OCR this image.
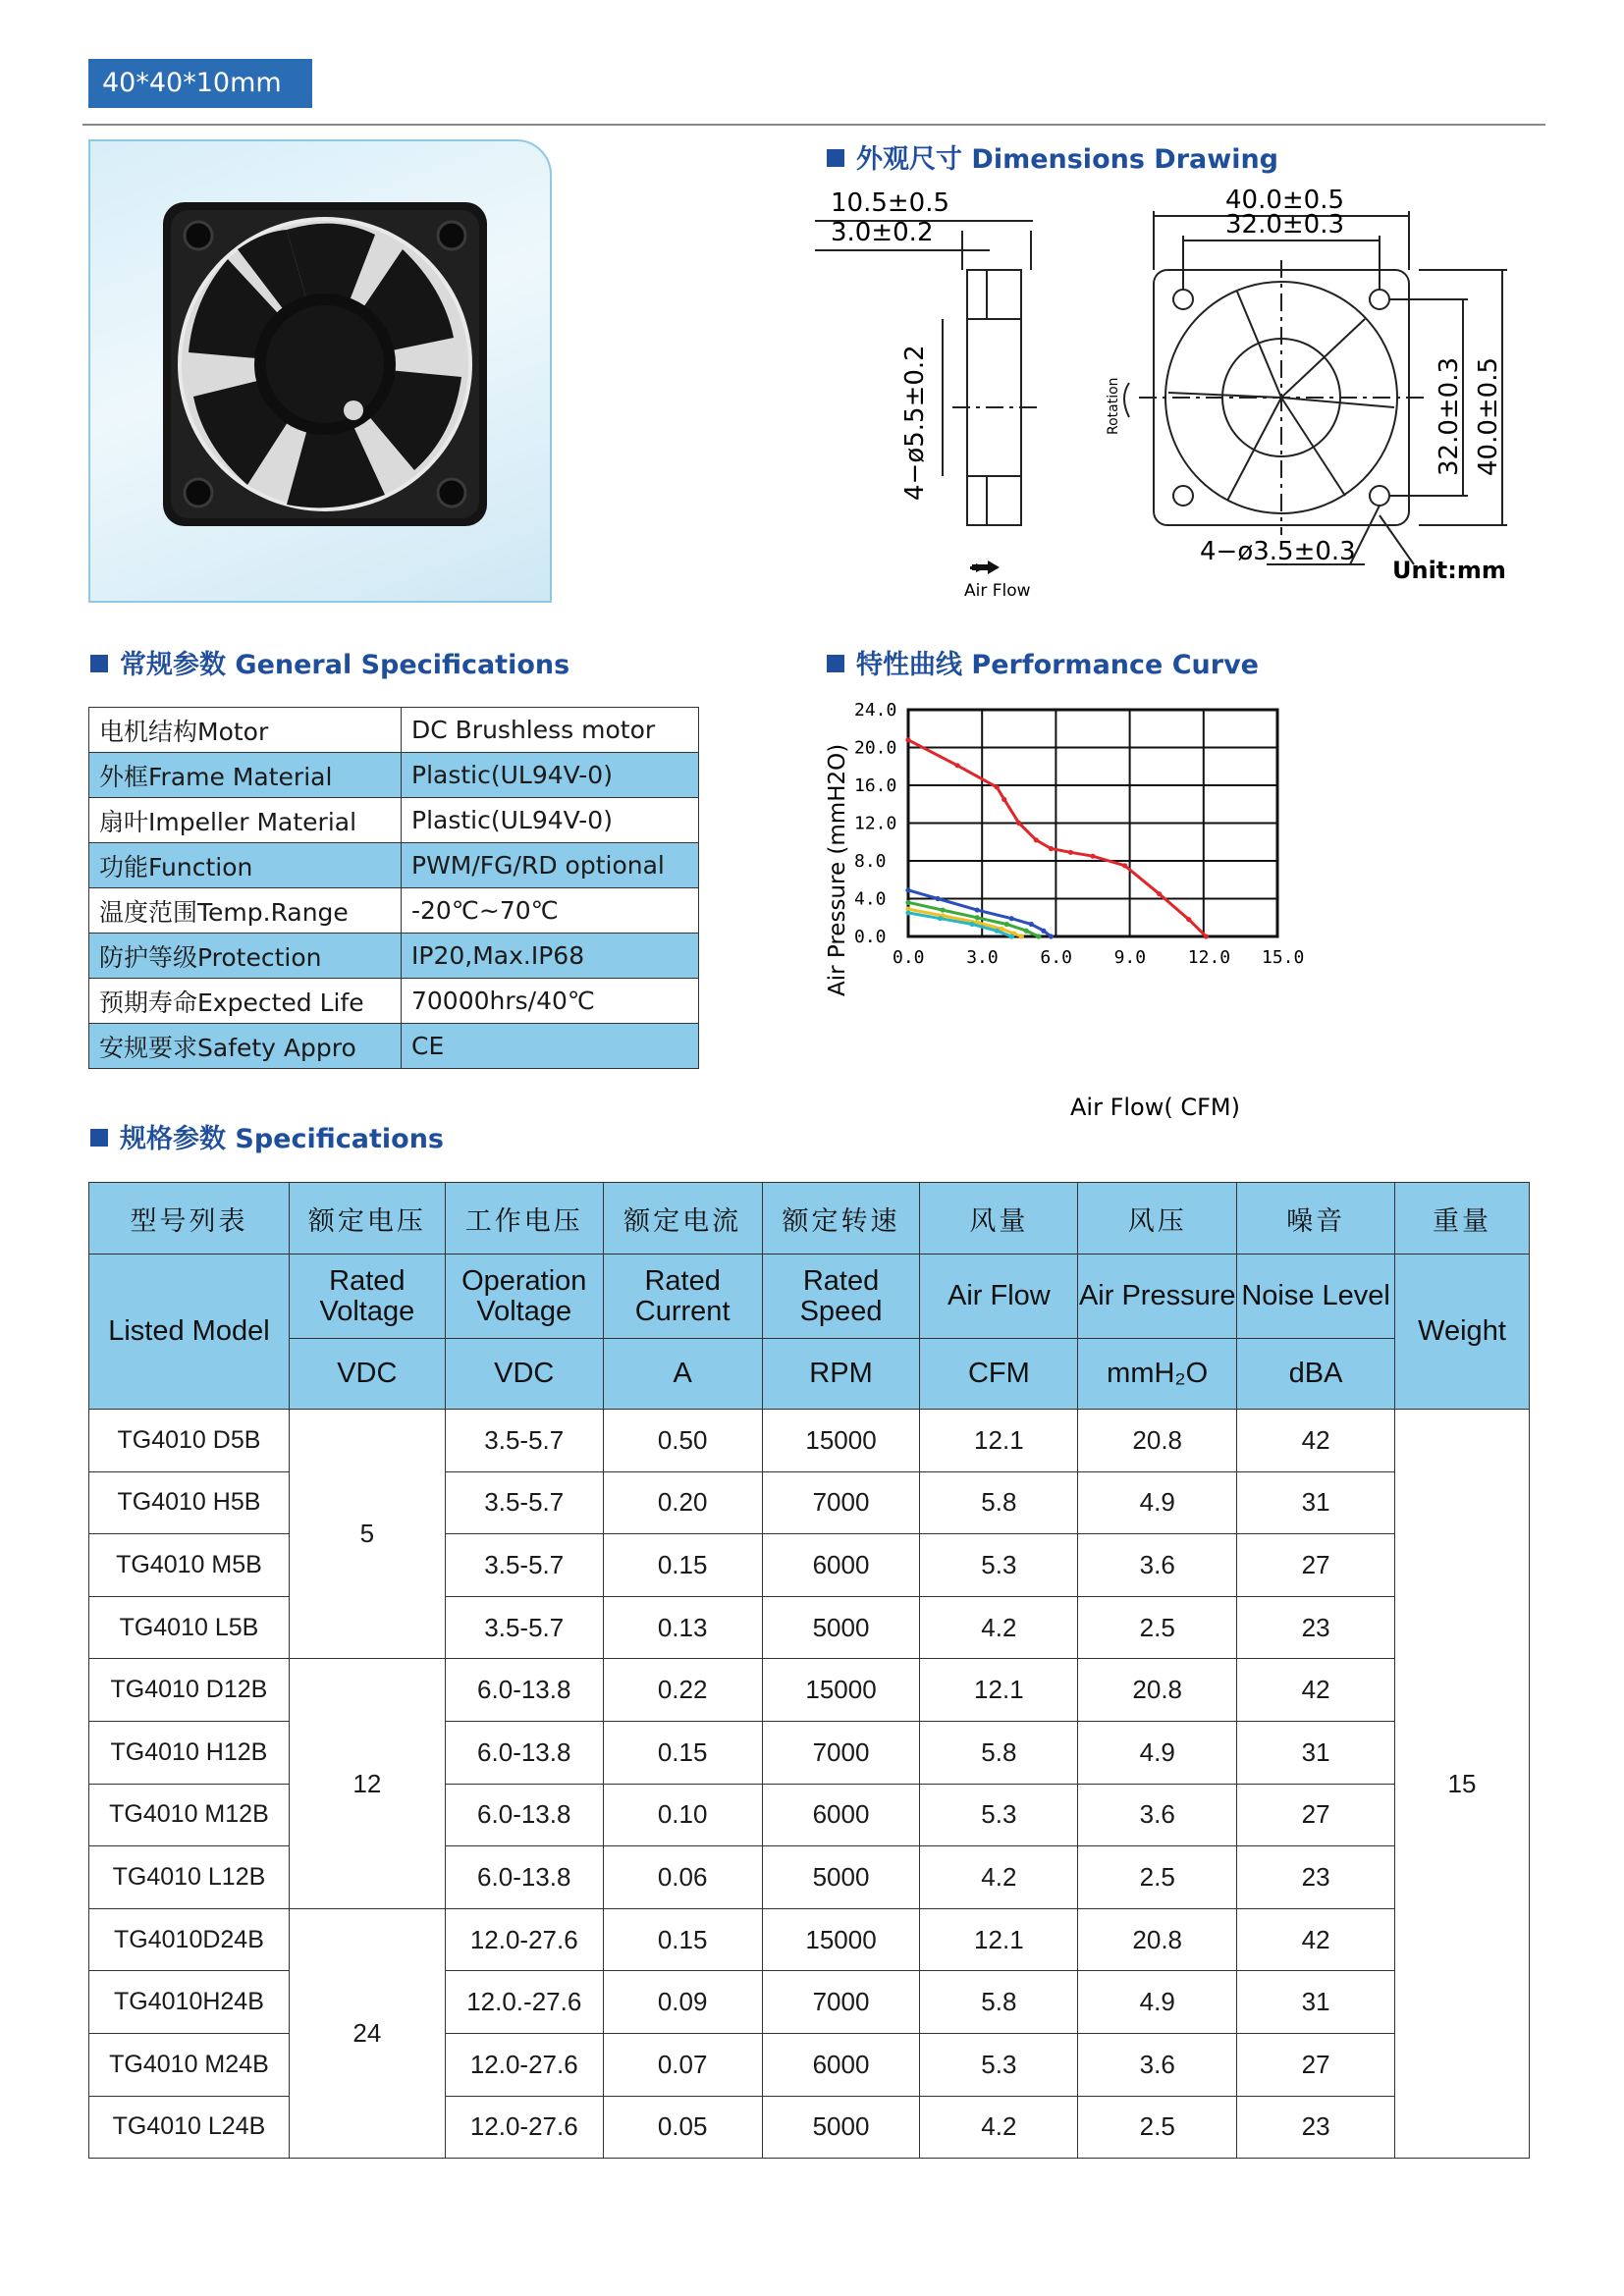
40*40*10mm
外观尺寸 Dimensions Drawing
10.5±0.5
3.0±0.2
4−ø5.5±0.2
40.0±0.5
32.0±0.3
32.0±0.3 40.0±0.5
4−ø3.5±0.3
Rotation
Air Flow
Unit:mm
常规参数 General Specifications
电机结构Motor	DC Brushless motor
外框Frame Material	Plastic(UL94V-0)
扇叶Impeller Material	Plastic(UL94V-0)
功能Function	PWM/FG/RD optional
温度范围Temp.Range	-20℃~70℃
防护等级Protection	IP20,Max.IP68
预期寿命Expected Life	70000hrs/40℃
安规要求Safety Appro	CE
特性曲线 Performance Curve
0.0 3.0 6.0 9.0 12.0 15.0
0.0
4.0
8.0
12.0
16.0
20.0
24.0
Air Pressure (mmH2O)
Air Flow( CFM)
规格参数 Specifications
型号列表	额定电压	工作电压	额定电流	额定转速	风量	风压	噪音	重量
Listed Model	Rated Voltage	Operation Voltage	Rated Current	Rated Speed	Air Flow	Air Pressure	Noise Level	Weight
	VDC	VDC	A	RPM	CFM	mmH₂O	dBA	
TG4010 D5B	5	3.5-5.7	0.50	15000	12.1	20.8	42	15
TG4010 H5B		3.5-5.7	0.20	7000	5.8	4.9	31	
TG4010 M5B		3.5-5.7	0.15	6000	5.3	3.6	27	
TG4010 L5B		3.5-5.7	0.13	5000	4.2	2.5	23	
TG4010 D12B	12	6.0-13.8	0.22	15000	12.1	20.8	42	
TG4010 H12B		6.0-13.8	0.15	7000	5.8	4.9	31	
TG4010 M12B		6.0-13.8	0.10	6000	5.3	3.6	27	
TG4010 L12B		6.0-13.8	0.06	5000	4.2	2.5	23	
TG4010D24B	24	12.0-27.6	0.15	15000	12.1	20.8	42	
TG4010H24B		12.0.-27.6	0.09	7000	5.8	4.9	31	
TG4010 M24B		12.0-27.6	0.07	6000	5.3	3.6	27	
TG4010 L24B		12.0-27.6	0.05	5000	4.2	2.5	23	
